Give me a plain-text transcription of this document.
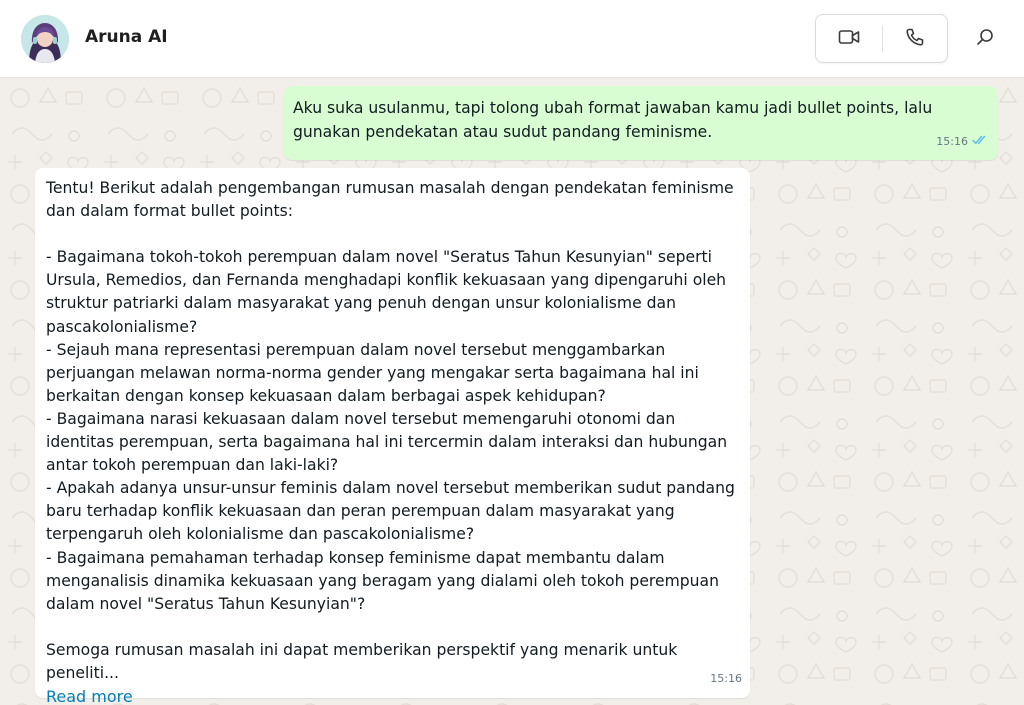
Aruna AI
Aku suka usulanmu, tapi tolong ubah format jawaban kamu jadi bullet points, lalu gunakan pendekatan atau sudut pandang feminisme.
15:16

Tentu! Berikut adalah pengembangan rumusan masalah dengan pendekatan feminisme dan dalam format bullet points:

- Bagaimana tokoh-tokoh perempuan dalam novel "Seratus Tahun Kesunyian" seperti Ursula, Remedios, dan Fernanda menghadapi konflik kekuasaan yang dipengaruhi oleh struktur patriarki dalam masyarakat yang penuh dengan unsur kolonialisme dan pascakolonialisme?

- Sejauh mana representasi perempuan dalam novel tersebut menggambarkan perjuangan melawan norma-norma gender yang mengakar serta bagaimana hal ini berkaitan dengan konsep kekuasaan dalam berbagai aspek kehidupan?

- Bagaimana narasi kekuasaan dalam novel tersebut memengaruhi otonomi dan identitas perempuan, serta bagaimana hal ini tercermin dalam interaksi dan hubungan antar tokoh perempuan dan laki-laki?

- Apakah adanya unsur-unsur feminis dalam novel tersebut memberikan sudut pandang baru terhadap konflik kekuasaan dan peran perempuan dalam masyarakat yang terpengaruh oleh kolonialisme dan pascakolonialisme?

- Bagaimana pemahaman terhadap konsep feminisme dapat membantu dalam menganalisis dinamika kekuasaan yang beragam yang dialami oleh tokoh perempuan dalam novel "Seratus Tahun Kesunyian"?

Semoga rumusan masalah ini dapat memberikan perspektif yang menarik untuk peneliti...

Read more
15:16
